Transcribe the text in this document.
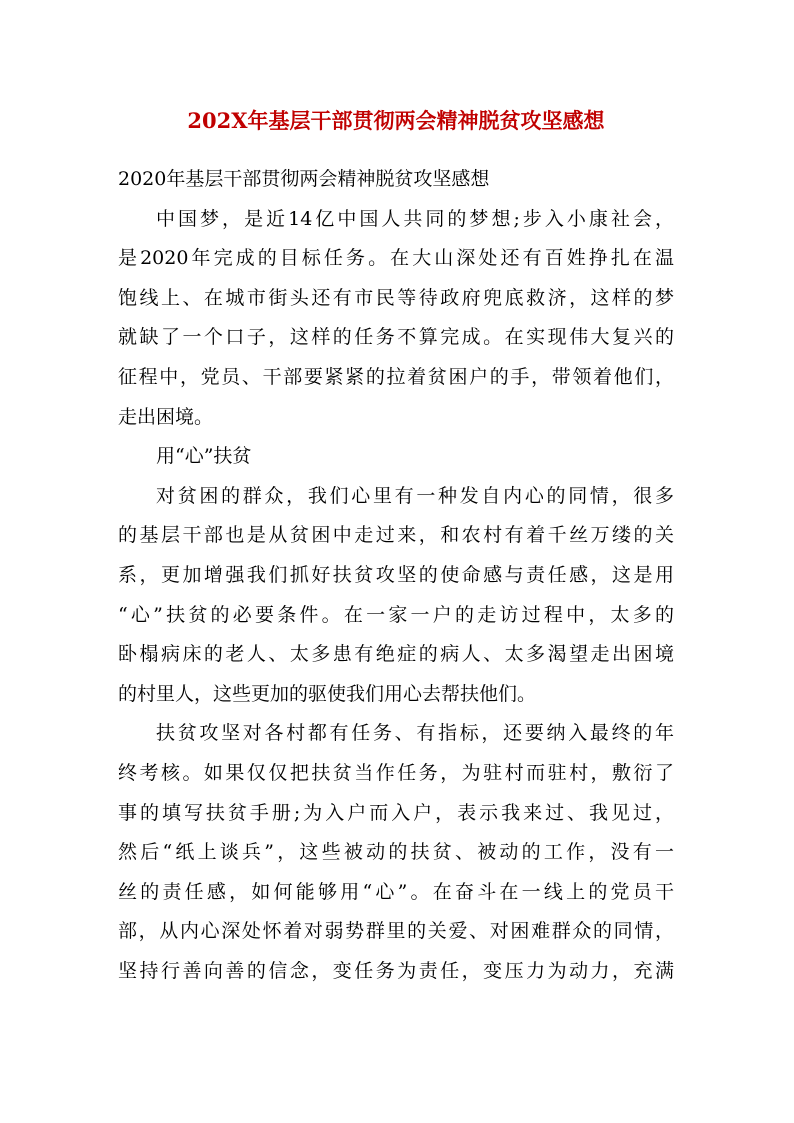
202X年基层干部贯彻两会精神脱贫攻坚感想
2020年基层干部贯彻两会精神脱贫攻坚感想
中国梦，是近14亿中国人共同的梦想;步入小康社会，
是2020年完成的目标任务。在大山深处还有百姓挣扎在温
饱线上、在城市街头还有市民等待政府兜底救济，这样的梦
就缺了一个口子，这样的任务不算完成。在实现伟大复兴的
征程中，党员、干部要紧紧的拉着贫困户的手，带领着他们，
走出困境。
用“心”扶贫
对贫困的群众，我们心里有一种发自内心的同情，很多
的基层干部也是从贫困中走过来，和农村有着千丝万缕的关
系，更加增强我们抓好扶贫攻坚的使命感与责任感，这是用
“心”扶贫的必要条件。在一家一户的走访过程中，太多的
卧榻病床的老人、太多患有绝症的病人、太多渴望走出困境
的村里人，这些更加的驱使我们用心去帮扶他们。
扶贫攻坚对各村都有任务、有指标，还要纳入最终的年
终考核。如果仅仅把扶贫当作任务，为驻村而驻村，敷衍了
事的填写扶贫手册;为入户而入户，表示我来过、我见过，
然后“纸上谈兵”，这些被动的扶贫、被动的工作，没有一
丝的责任感，如何能够用“心”。在奋斗在一线上的党员干
部，从内心深处怀着对弱势群里的关爱、对困难群众的同情，
坚持行善向善的信念，变任务为责任，变压力为动力，充满
